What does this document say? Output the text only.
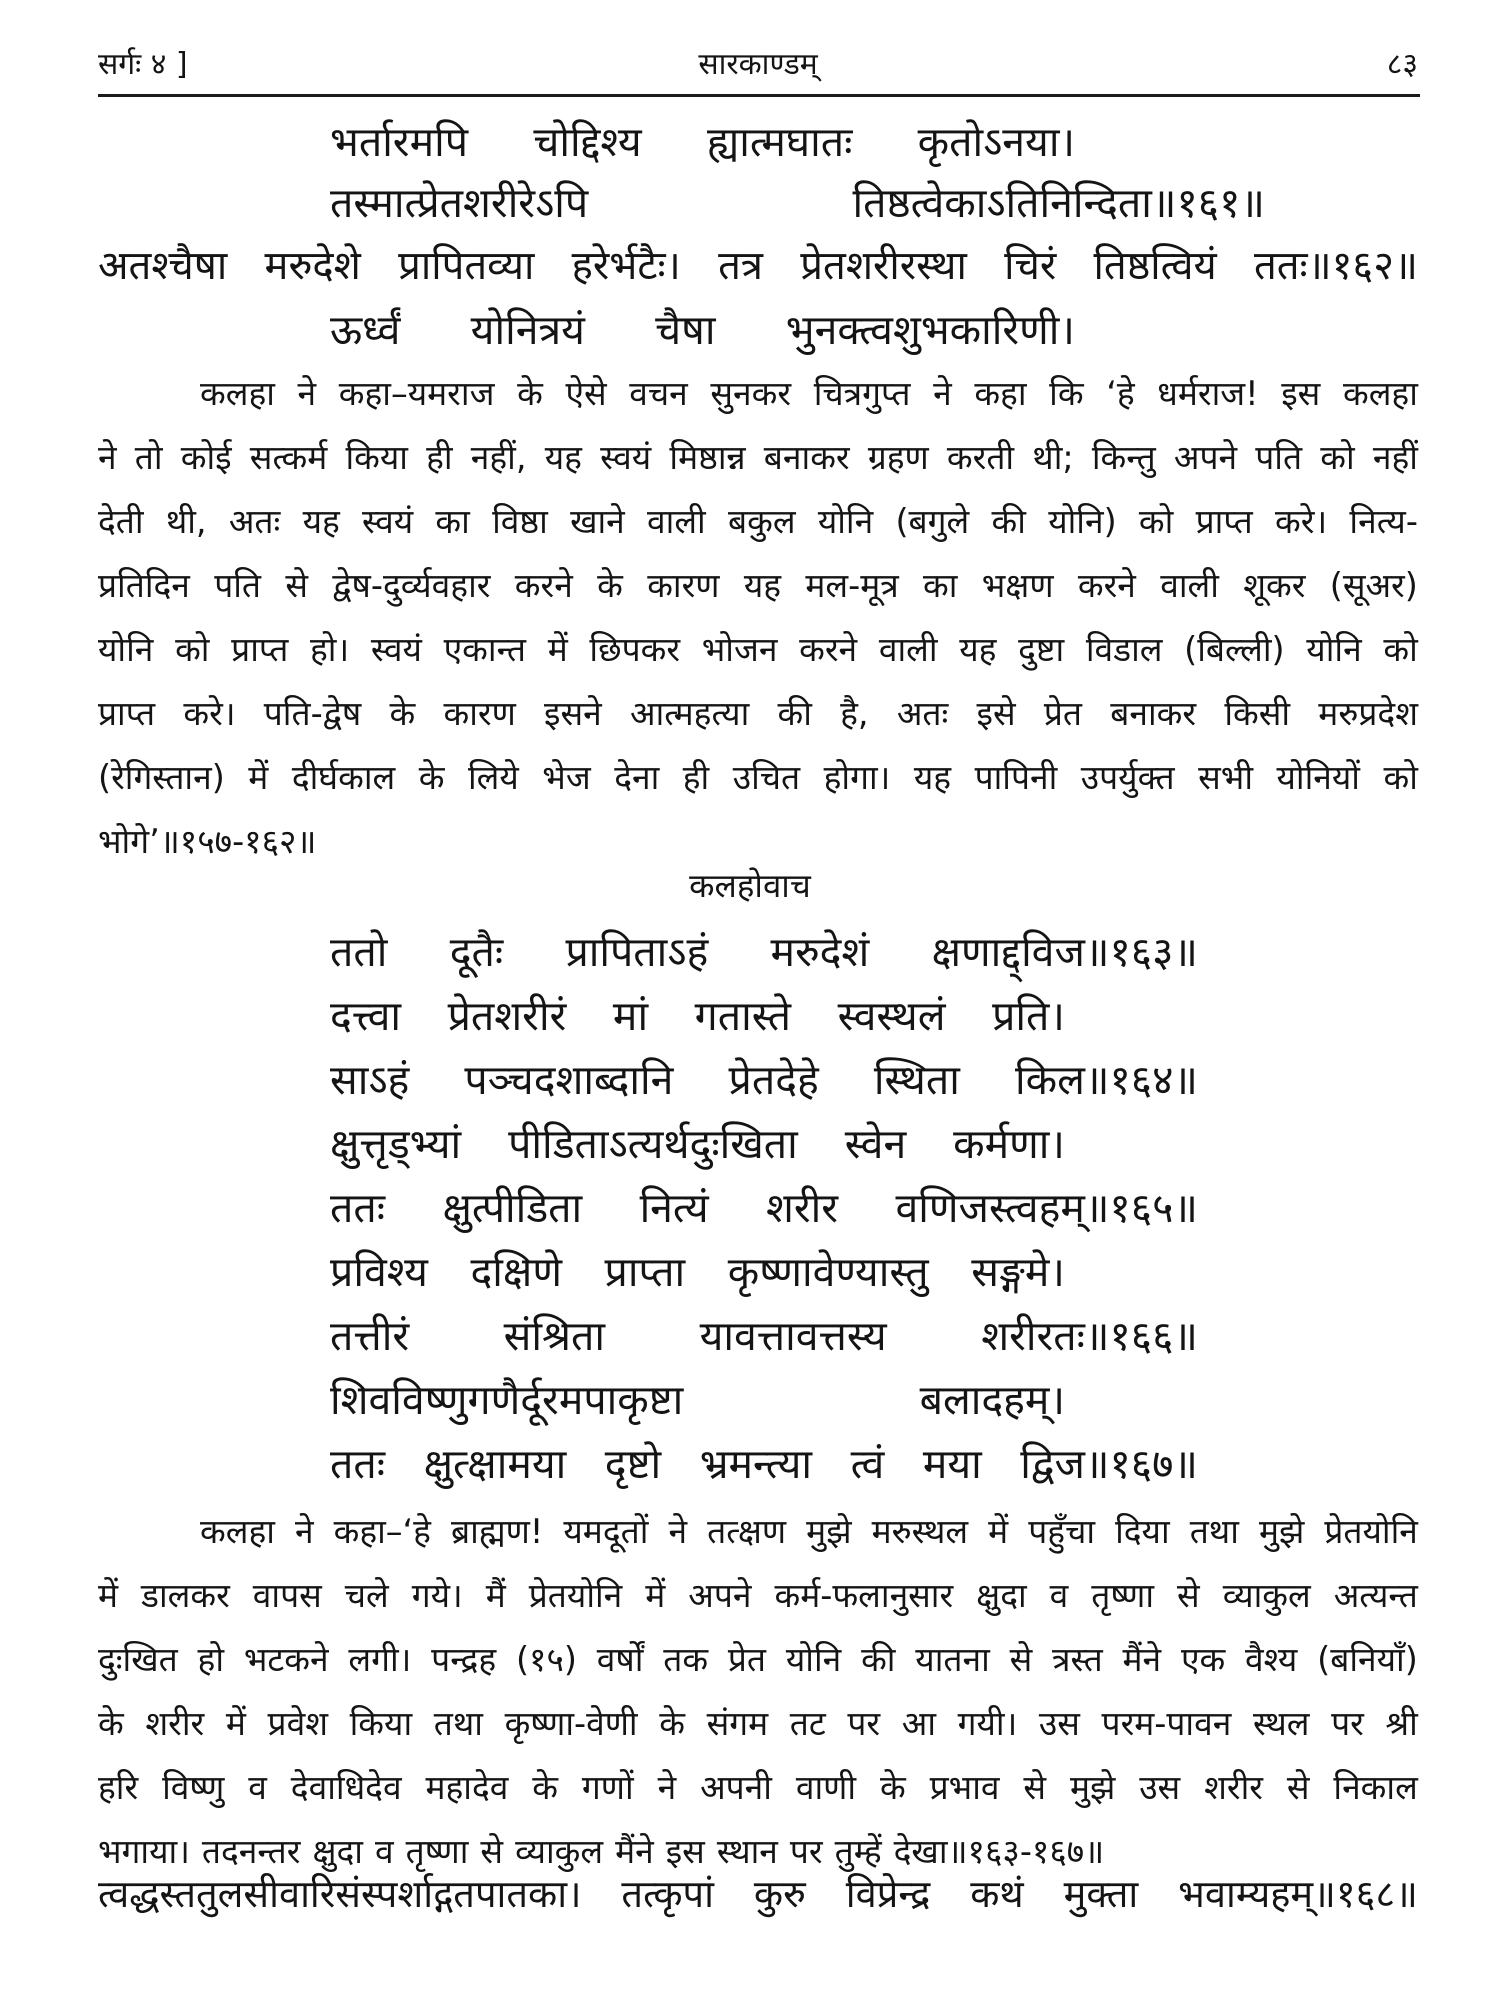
सर्गः ४ ]	सारकाण्डम्	८३
भर्तारमपि चोद्दिश्य ह्यात्मघातः कृतोऽनया।
तस्मात्प्रेतशरीरेऽपि	तिष्ठत्वेकाऽतिनिन्दिता॥१६१॥
अतश्चैषा मरुदेशे प्रापितव्या हरेर्भटैः। तत्र प्रेतशरीरस्था चिरं तिष्ठत्वियं ततः॥१६२॥
ऊर्ध्वं योनित्रयं चैषा भुनक्त्वशुभकारिणी।
कलहा ने कहा–यमराज के ऐसे वचन सुनकर चित्रगुप्त ने कहा कि ‘हे धर्मराज! इस कलहा
ने तो कोई सत्कर्म किया ही नहीं, यह स्वयं मिष्ठान्न बनाकर ग्रहण करती थी; किन्तु अपने पति को नहीं
देती थी, अतः यह स्वयं का विष्ठा खाने वाली बकुल योनि (बगुले की योनि) को प्राप्त करे। नित्य-
प्रतिदिन पति से द्वेष-दुर्व्यवहार करने के कारण यह मल-मूत्र का भक्षण करने वाली शूकर (सूअर)
योनि को प्राप्त हो। स्वयं एकान्त में छिपकर भोजन करने वाली यह दुष्टा विडाल (बिल्ली) योनि को
प्राप्त करे। पति-द्वेष के कारण इसने आत्महत्या की है, अतः इसे प्रेत बनाकर किसी मरुप्रदेश
(रेगिस्तान) में दीर्घकाल के लिये भेज देना ही उचित होगा। यह पापिनी उपर्युक्त सभी योनियों को
भोगे’॥१५७-१६२॥
कलहोवाच
ततो दूतैः प्रापिताऽहं मरुदेशं क्षणाद्द्विज॥१६३॥
दत्त्वा प्रेतशरीरं मां गतास्ते स्वस्थलं प्रति।
साऽहं पञ्चदशाब्दानि प्रेतदेहे स्थिता किल॥१६४॥
क्षुत्तृड्भ्यां पीडिताऽत्यर्थदुःखिता स्वेन कर्मणा।
ततः क्षुत्पीडिता नित्यं शरीर वणिजस्त्वहम्॥१६५॥
प्रविश्य दक्षिणे प्राप्ता कृष्णावेण्यास्तु सङ्गमे।
तत्तीरं संश्रिता यावत्तावत्तस्य शरीरतः॥१६६॥
शिवविष्णुगणैर्दूरमपाकृष्टा	बलादहम्।
ततः क्षुत्क्षामया दृष्टो भ्रमन्त्या त्वं मया द्विज॥१६७॥
कलहा ने कहा–‘हे ब्राह्मण! यमदूतों ने तत्क्षण मुझे मरुस्थल में पहुँचा दिया तथा मुझे प्रेतयोनि
में डालकर वापस चले गये। मैं प्रेतयोनि में अपने कर्म-फलानुसार क्षुदा व तृष्णा से व्याकुल अत्यन्त
दुःखित हो भटकने लगी। पन्द्रह (१५) वर्षों तक प्रेत योनि की यातना से त्रस्त मैंने एक वैश्य (बनियाँ)
के शरीर में प्रवेश किया तथा कृष्णा-वेणी के संगम तट पर आ गयी। उस परम-पावन स्थल पर श्री
हरि विष्णु व देवाधिदेव महादेव के गणों ने अपनी वाणी के प्रभाव से मुझे उस शरीर से निकाल
भगाया। तदनन्तर क्षुदा व तृष्णा से व्याकुल मैंने इस स्थान पर तुम्हें देखा॥१६३-१६७॥
त्वद्धस्ततुलसीवारिसंस्पर्शाद्गतपातका। तत्कृपां कुरु विप्रेन्द्र कथं मुक्ता भवाम्यहम्॥१६८॥
